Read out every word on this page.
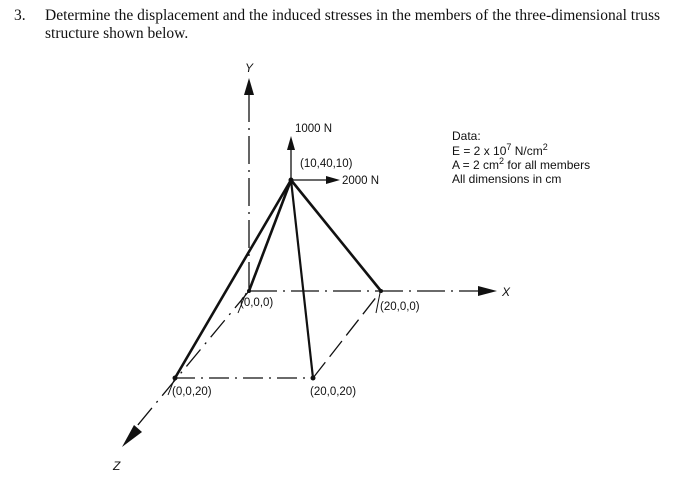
3. Determine the displacement and the induced stresses in the members of the three-dimensional truss
structure shown below.
Y
X
Z
(0,0,0)	(20,0,0)
(0,0,20)	(20,0,20)
(10,40,10)
1000 N
2000 N
Data:
E = 2 x $10^7$ $N/cm^2$
A = 2 $cm^2$ for all members
All dimensions in cm
